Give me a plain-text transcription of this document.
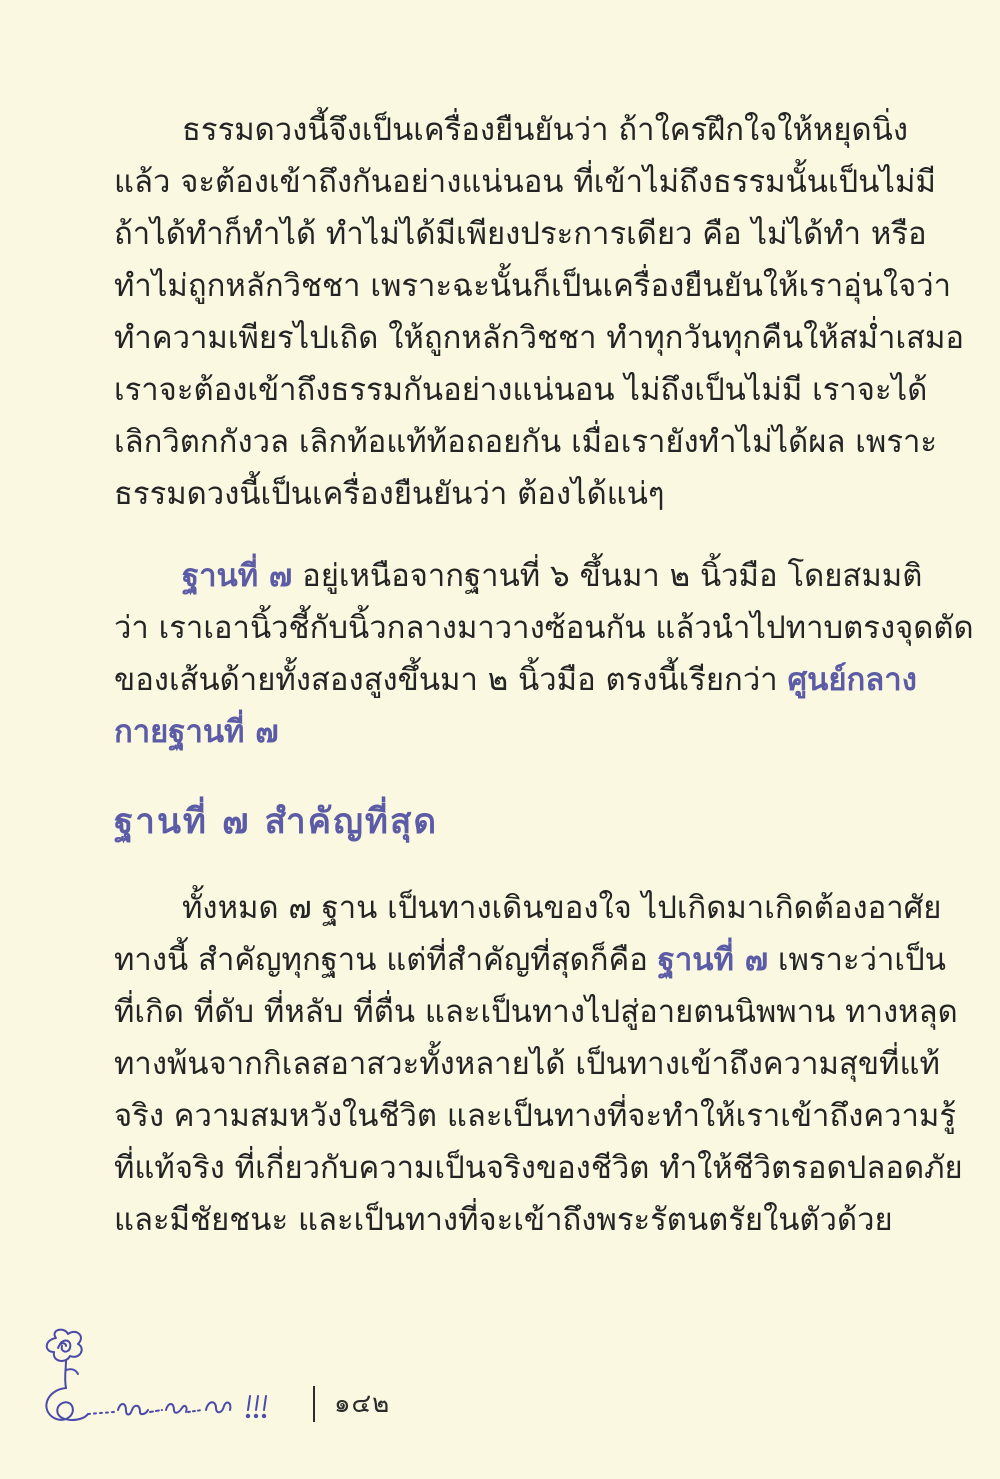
ธรรมดวงนี้จึงเป็นเครื่องยืนยันว่า ถ้าใครฝึกใจให้หยุดนิ่ง
แล้ว จะต้องเข้าถึงกันอย่างแน่นอน ที่เข้าไม่ถึงธรรมนั้นเป็นไม่มี
ถ้าได้ทำก็ทำได้ ทำไม่ได้มีเพียงประการเดียว คือ ไม่ได้ทำ หรือ
ทำไม่ถูกหลักวิชชา เพราะฉะนั้นก็เป็นเครื่องยืนยันให้เราอุ่นใจว่า
ทำความเพียรไปเถิด ให้ถูกหลักวิชชา ทำทุกวันทุกคืนให้สม่ำเสมอ
เราจะต้องเข้าถึงธรรมกันอย่างแน่นอน ไม่ถึงเป็นไม่มี เราจะได้
เลิกวิตกกังวล เลิกท้อแท้ท้อถอยกัน เมื่อเรายังทำไม่ได้ผล เพราะ
ธรรมดวงนี้เป็นเครื่องยืนยันว่า ต้องได้แน่ๆ
ฐานที่ ๗ อยู่เหนือจากฐานที่ ๖ ขึ้นมา ๒ นิ้วมือ โดยสมมติ
ว่า เราเอานิ้วชี้กับนิ้วกลางมาวางซ้อนกัน แล้วนำไปทาบตรงจุดตัด
ของเส้นด้ายทั้งสองสูงขึ้นมา ๒ นิ้วมือ ตรงนี้เรียกว่า ศูนย์กลาง
กายฐานที่ ๗
ฐานที่ ๗ สำคัญที่สุด
ทั้งหมด ๗ ฐาน เป็นทางเดินของใจ ไปเกิดมาเกิดต้องอาศัย
ทางนี้ สำคัญทุกฐาน แต่ที่สำคัญที่สุดก็คือ ฐานที่ ๗ เพราะว่าเป็น
ที่เกิด ที่ดับ ที่หลับ ที่ตื่น และเป็นทางไปสู่อายตนนิพพาน ทางหลุด
ทางพ้นจากกิเลสอาสวะทั้งหลายได้ เป็นทางเข้าถึงความสุขที่แท้
จริง ความสมหวังในชีวิต และเป็นทางที่จะทำให้เราเข้าถึงความรู้
ที่แท้จริง ที่เกี่ยวกับความเป็นจริงของชีวิต ทำให้ชีวิตรอดปลอดภัย
และมีชัยชนะ และเป็นทางที่จะเข้าถึงพระรัตนตรัยในตัวด้วย
๑๔๒
